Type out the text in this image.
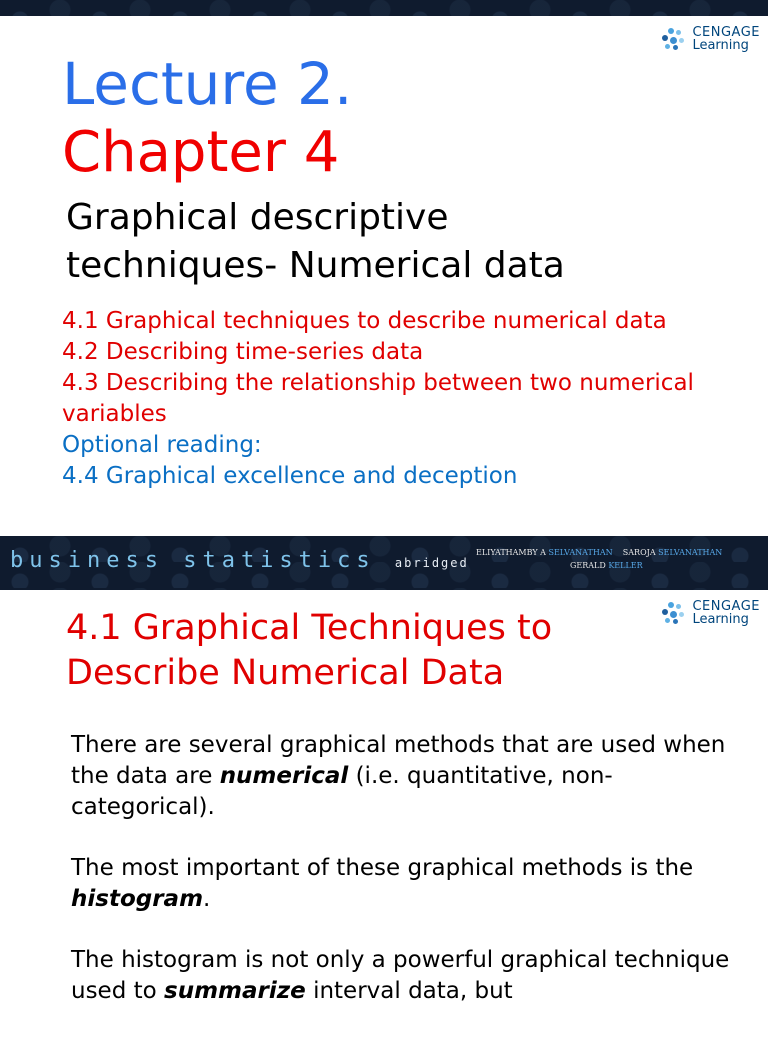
CENGAGE
Learning
Lecture 2.
Chapter 4
Graphical descriptive
techniques- Numerical data
4.1 Graphical techniques to describe numerical data
4.2 Describing time-series data
4.3 Describing the relationship between two numerical variables
Optional reading:
4.4 Graphical excellence and deception
business statistics abridged
ELIYATHAMBY A SELVANATHAN SAROJA SELVANATHAN
GERALD KELLER
CENGAGE
Learning
4.1 Graphical Techniques to Describe Numerical Data

There are several graphical methods that are used when the data are numerical (i.e. quantitative, non-categorical).

The most important of these graphical methods is the histogram.

The histogram is not only a powerful graphical technique used to summarize interval data, but
